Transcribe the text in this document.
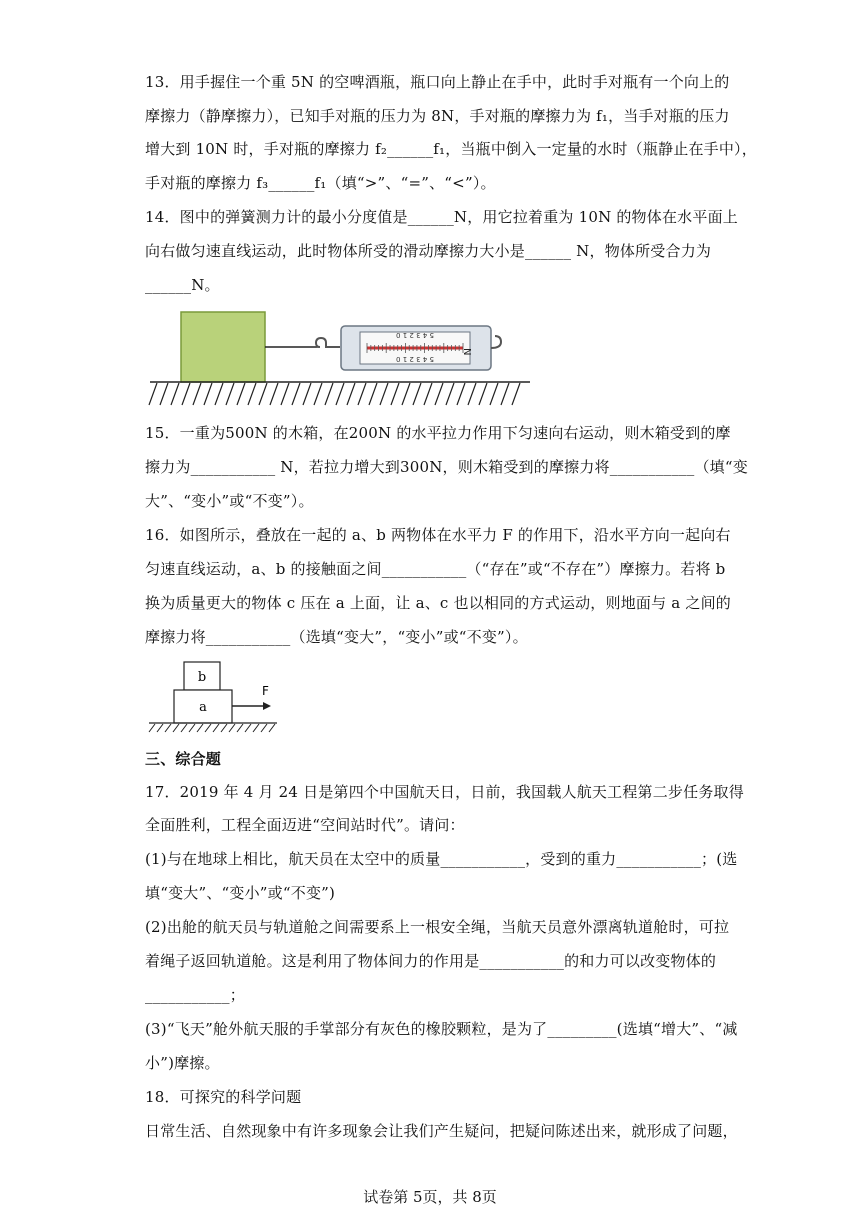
13．用手握住一个重 5N 的空啤酒瓶，瓶口向上静止在手中，此时手对瓶有一个向上的
摩擦力（静摩擦力），已知手对瓶的压力为 8N，手对瓶的摩擦力为 f₁，当手对瓶的压力
增大到 10N 时，手对瓶的摩擦力 f₂______f₁，当瓶中倒入一定量的水时（瓶静止在手中），
手对瓶的摩擦力 f₃______f₁（填“>”、“=”、“<”）。
14．图中的弹簧测力计的最小分度值是______N，用它拉着重为 10N 的物体在水平面上
向右做匀速直线运动，此时物体所受的滑动摩擦力大小是______ N，物体所受合力为
______N。
5 4 3 2 1 0
5 4 3 2 1 0
N
15．一重为500N 的木箱，在200N 的水平拉力作用下匀速向右运动，则木箱受到的摩
擦力为___________ N，若拉力增大到300N，则木箱受到的摩擦力将___________（填“变
大”、“变小”或“不变”）。
16．如图所示，叠放在一起的 a、b 两物体在水平力 F 的作用下，沿水平方向一起向右
匀速直线运动，a、b 的接触面之间___________（“存在”或“不存在”）摩擦力。若将 b
换为质量更大的物体 c 压在 a 上面，让 a、c 也以相同的方式运动，则地面与 a 之间的
摩擦力将___________（选填“变大”，“变小”或“不变”）。
b
a
F
三、综合题
17．2019 年 4 月 24 日是第四个中国航天日，日前，我国载人航天工程第二步任务取得
全面胜利，工程全面迈进“空间站时代”。请问：
(1)与在地球上相比，航天员在太空中的质量___________，受到的重力___________；(选
填“变大”、“变小”或“不变”)
(2)出舱的航天员与轨道舱之间需要系上一根安全绳，当航天员意外漂离轨道舱时，可拉
着绳子返回轨道舱。这是利用了物体间力的作用是___________的和力可以改变物体的
___________；
(3)“飞天”舱外航天服的手掌部分有灰色的橡胶颗粒，是为了_________(选填“增大”、“减
小”)摩擦。
18．可探究的科学问题
日常生活、自然现象中有许多现象会让我们产生疑问，把疑问陈述出来，就形成了问题，
试卷第 5页，共 8页
